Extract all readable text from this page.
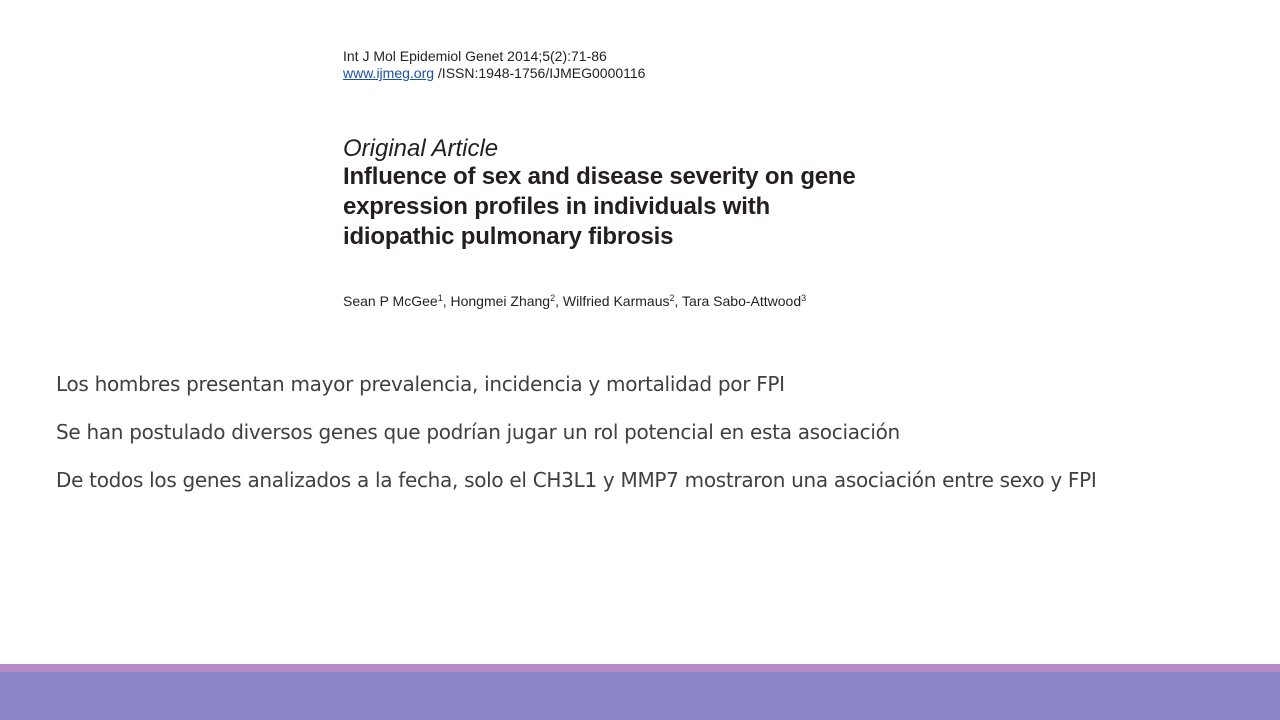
Int J Mol Epidemiol Genet 2014;5(2):71-86

www.ijmeg.org /ISSN:1948-1756/IJMEG0000116

Original Article

Influence of sex and disease severity on gene
expression profiles in individuals with
idiopathic pulmonary fibrosis

Sean P McGee$^1$, Hongmei Zhang$^2$, Wilfried Karmaus$^2$, Tara Sabo-Attwood$^3$

Los hombres presentan mayor prevalencia, incidencia y mortalidad por FPI
Se han postulado diversos genes que podrían jugar un rol potencial en esta asociación
De todos los genes analizados a la fecha, solo el CH3L1 y MMP7 mostraron una asociación entre sexo y FPI
